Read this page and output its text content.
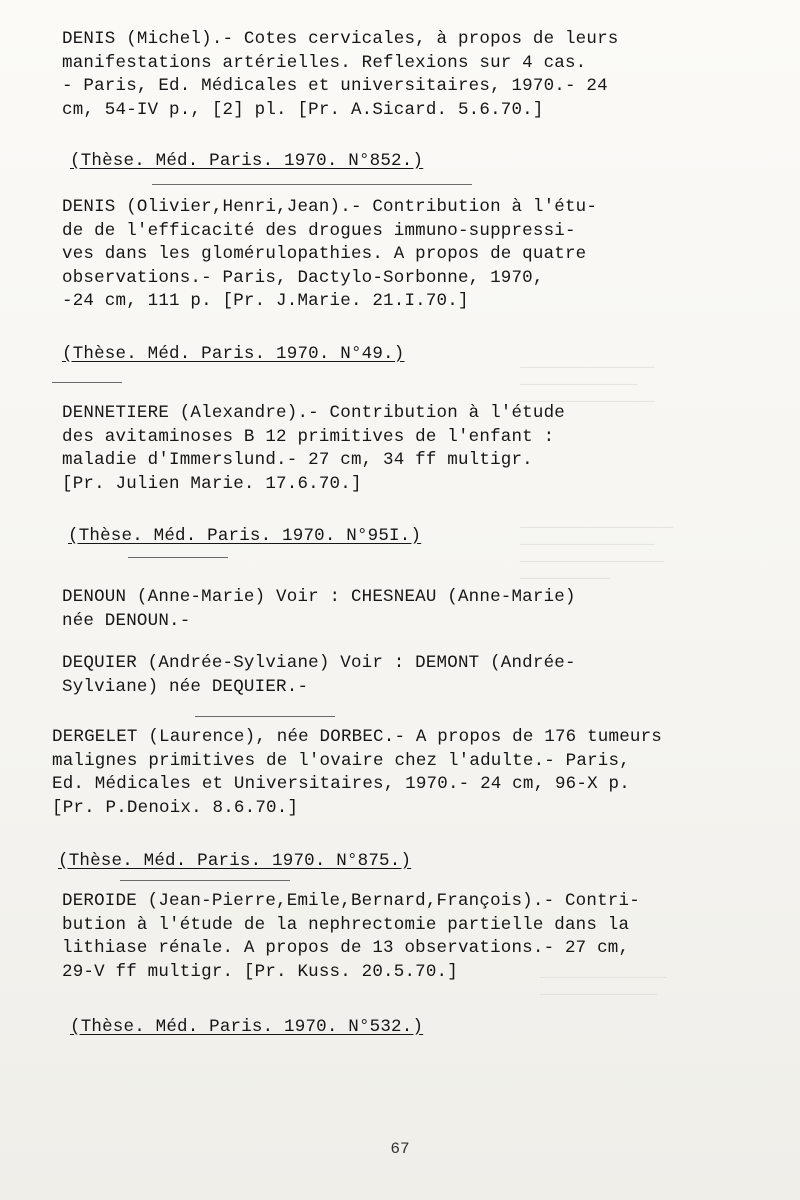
───────────────
─────────────
───────────────
─────────────────
───────────────
────────────────
──────────
──────────────
─────────────

DENIS (Michel).- Cotes cervicales, à propos de leurs

manifestations artérielles. Reflexions sur 4 cas.

- Paris, Ed. Médicales et universitaires, 1970.- 24

cm, 54-IV p., [2] pl. [Pr. A.Sicard. 5.6.70.]

(Thèse. Méd. Paris. 1970. N°852.)

DENIS (Olivier,Henri,Jean).- Contribution à l'étu-

de de l'efficacité des drogues immuno-suppressi-

ves dans les glomérulopathies. A propos de quatre

observations.- Paris, Dactylo-Sorbonne, 1970,

-24 cm, 111 p. [Pr. J.Marie. 21.I.70.]

(Thèse. Méd. Paris. 1970. N°49.)

DENNETIERE (Alexandre).- Contribution à l'étude

des avitaminoses B 12 primitives de l'enfant :

maladie d'Immerslund.- 27 cm, 34 ff multigr.

[Pr. Julien Marie. 17.6.70.]

(Thèse. Méd. Paris. 1970. N°95I.)

DENOUN (Anne-Marie) Voir : CHESNEAU (Anne-Marie)

née DENOUN.-

DEQUIER (Andrée-Sylviane) Voir : DEMONT (Andrée-

Sylviane) née DEQUIER.-

DERGELET (Laurence), née DORBEC.- A propos de 176 tumeurs

malignes primitives de l'ovaire chez l'adulte.- Paris,

Ed. Médicales et Universitaires, 1970.- 24 cm, 96-X p.

[Pr. P.Denoix. 8.6.70.]

(Thèse. Méd. Paris. 1970. N°875.)

DEROIDE (Jean-Pierre,Emile,Bernard,François).- Contri-

bution à l'étude de la nephrectomie partielle dans la

lithiase rénale. A propos de 13 observations.- 27 cm,

29-V ff multigr. [Pr. Kuss. 20.5.70.]

(Thèse. Méd. Paris. 1970. N°532.)
67
